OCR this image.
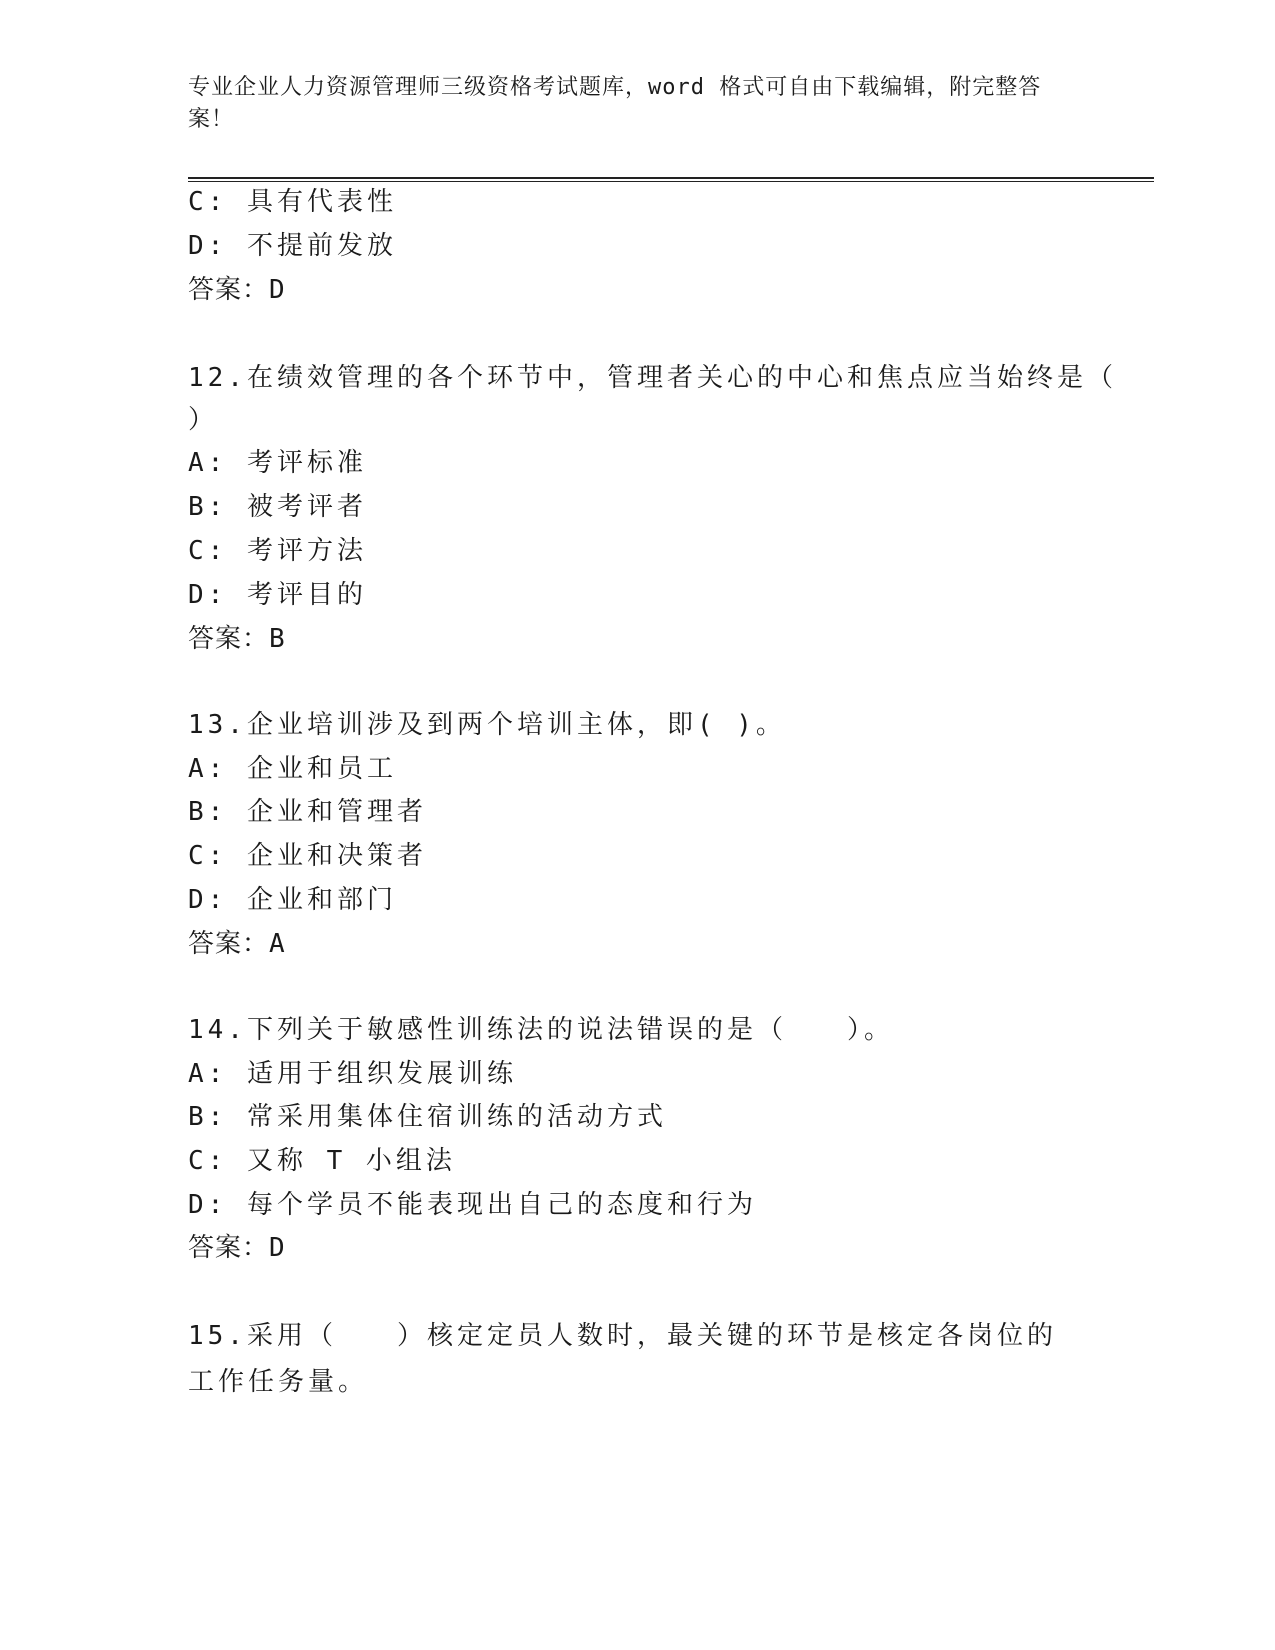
专业企业人力资源管理师三级资格考试题库，word 格式可自由下载编辑，附完整答案！
C: 具有代表性
D: 不提前发放
答案：D
12.在绩效管理的各个环节中，管理者关心的中心和焦点应当始终是（
）
A: 考评标准
B: 被考评者
C: 考评方法
D: 考评目的
答案：B
13.企业培训涉及到两个培训主体，即( )。
A: 企业和员工
B: 企业和管理者
C: 企业和决策者
D: 企业和部门
答案：A
14.下列关于敏感性训练法的说法错误的是（　　）。
A: 适用于组织发展训练
B: 常采用集体住宿训练的活动方式
C: 又称 T 小组法
D: 每个学员不能表现出自己的态度和行为
答案：D
15.采用（　　）核定定员人数时，最关键的环节是核定各岗位的工作任务量。
